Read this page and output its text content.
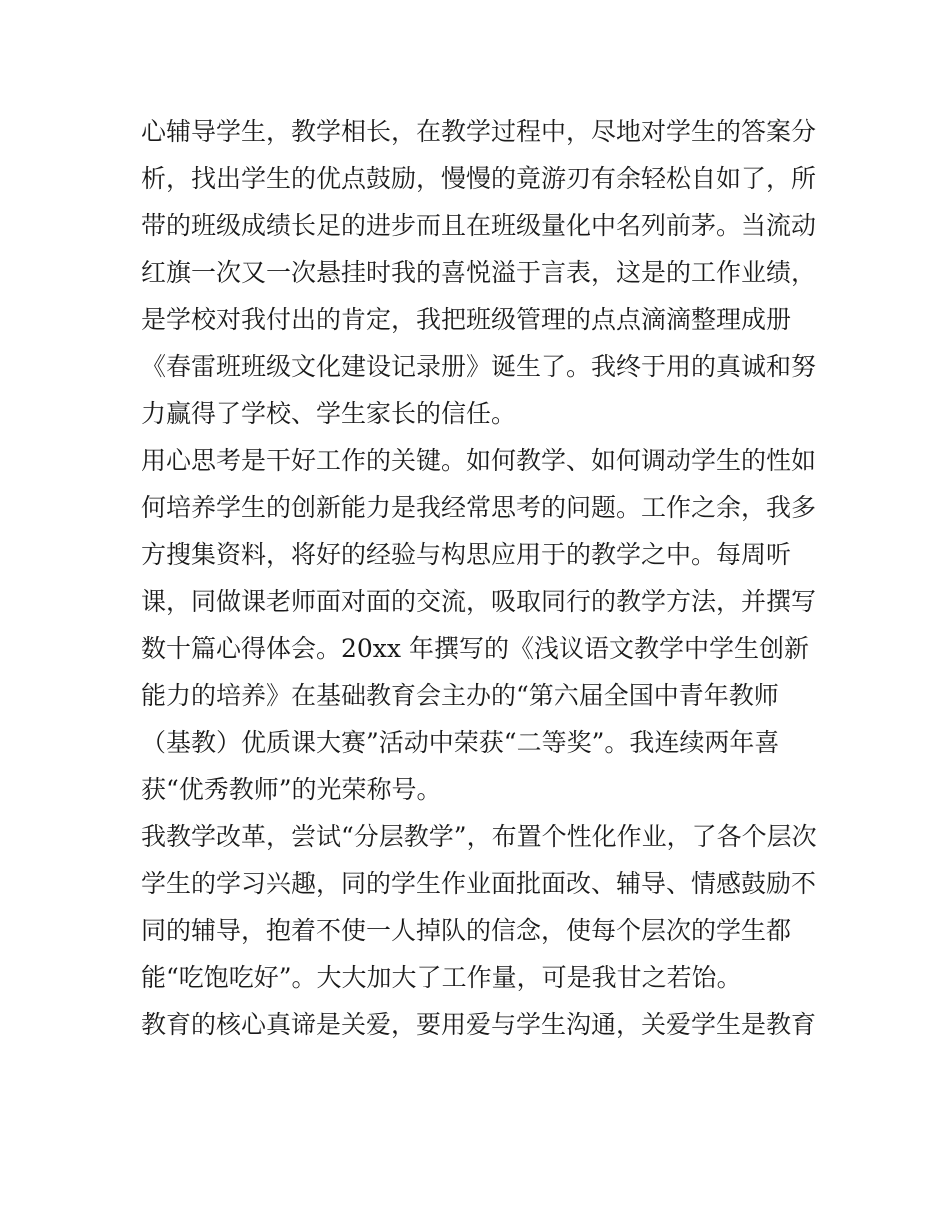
心辅导学生，教学相长，在教学过程中，尽地对学生的答案分
析，找出学生的优点鼓励，慢慢的竟游刃有余轻松自如了，所
带的班级成绩长足的进步而且在班级量化中名列前茅。当流动
红旗一次又一次悬挂时我的喜悦溢于言表，这是的工作业绩，
是学校对我付出的肯定，我把班级管理的点点滴滴整理成册
《春雷班班级文化建设记录册》诞生了。我终于用的真诚和努
力赢得了学校、学生家长的信任。
用心思考是干好工作的关键。如何教学、如何调动学生的性如
何培养学生的创新能力是我经常思考的问题。工作之余，我多
方搜集资料，将好的经验与构思应用于的教学之中。每周听
课，同做课老师面对面的交流，吸取同行的教学方法，并撰写
数十篇心得体会。20xx 年撰写的《浅议语文教学中学生创新
能力的培养》在基础教育会主办的“第六届全国中青年教师
（基教）优质课大赛”活动中荣获“二等奖”。我连续两年喜
获“优秀教师”的光荣称号。
我教学改革，尝试“分层教学”，布置个性化作业，了各个层次
学生的学习兴趣，同的学生作业面批面改、辅导、情感鼓励不
同的辅导，抱着不使一人掉队的信念，使每个层次的学生都
能“吃饱吃好”。大大加大了工作量，可是我甘之若饴。
教育的核心真谛是关爱，要用爱与学生沟通，关爱学生是教育
